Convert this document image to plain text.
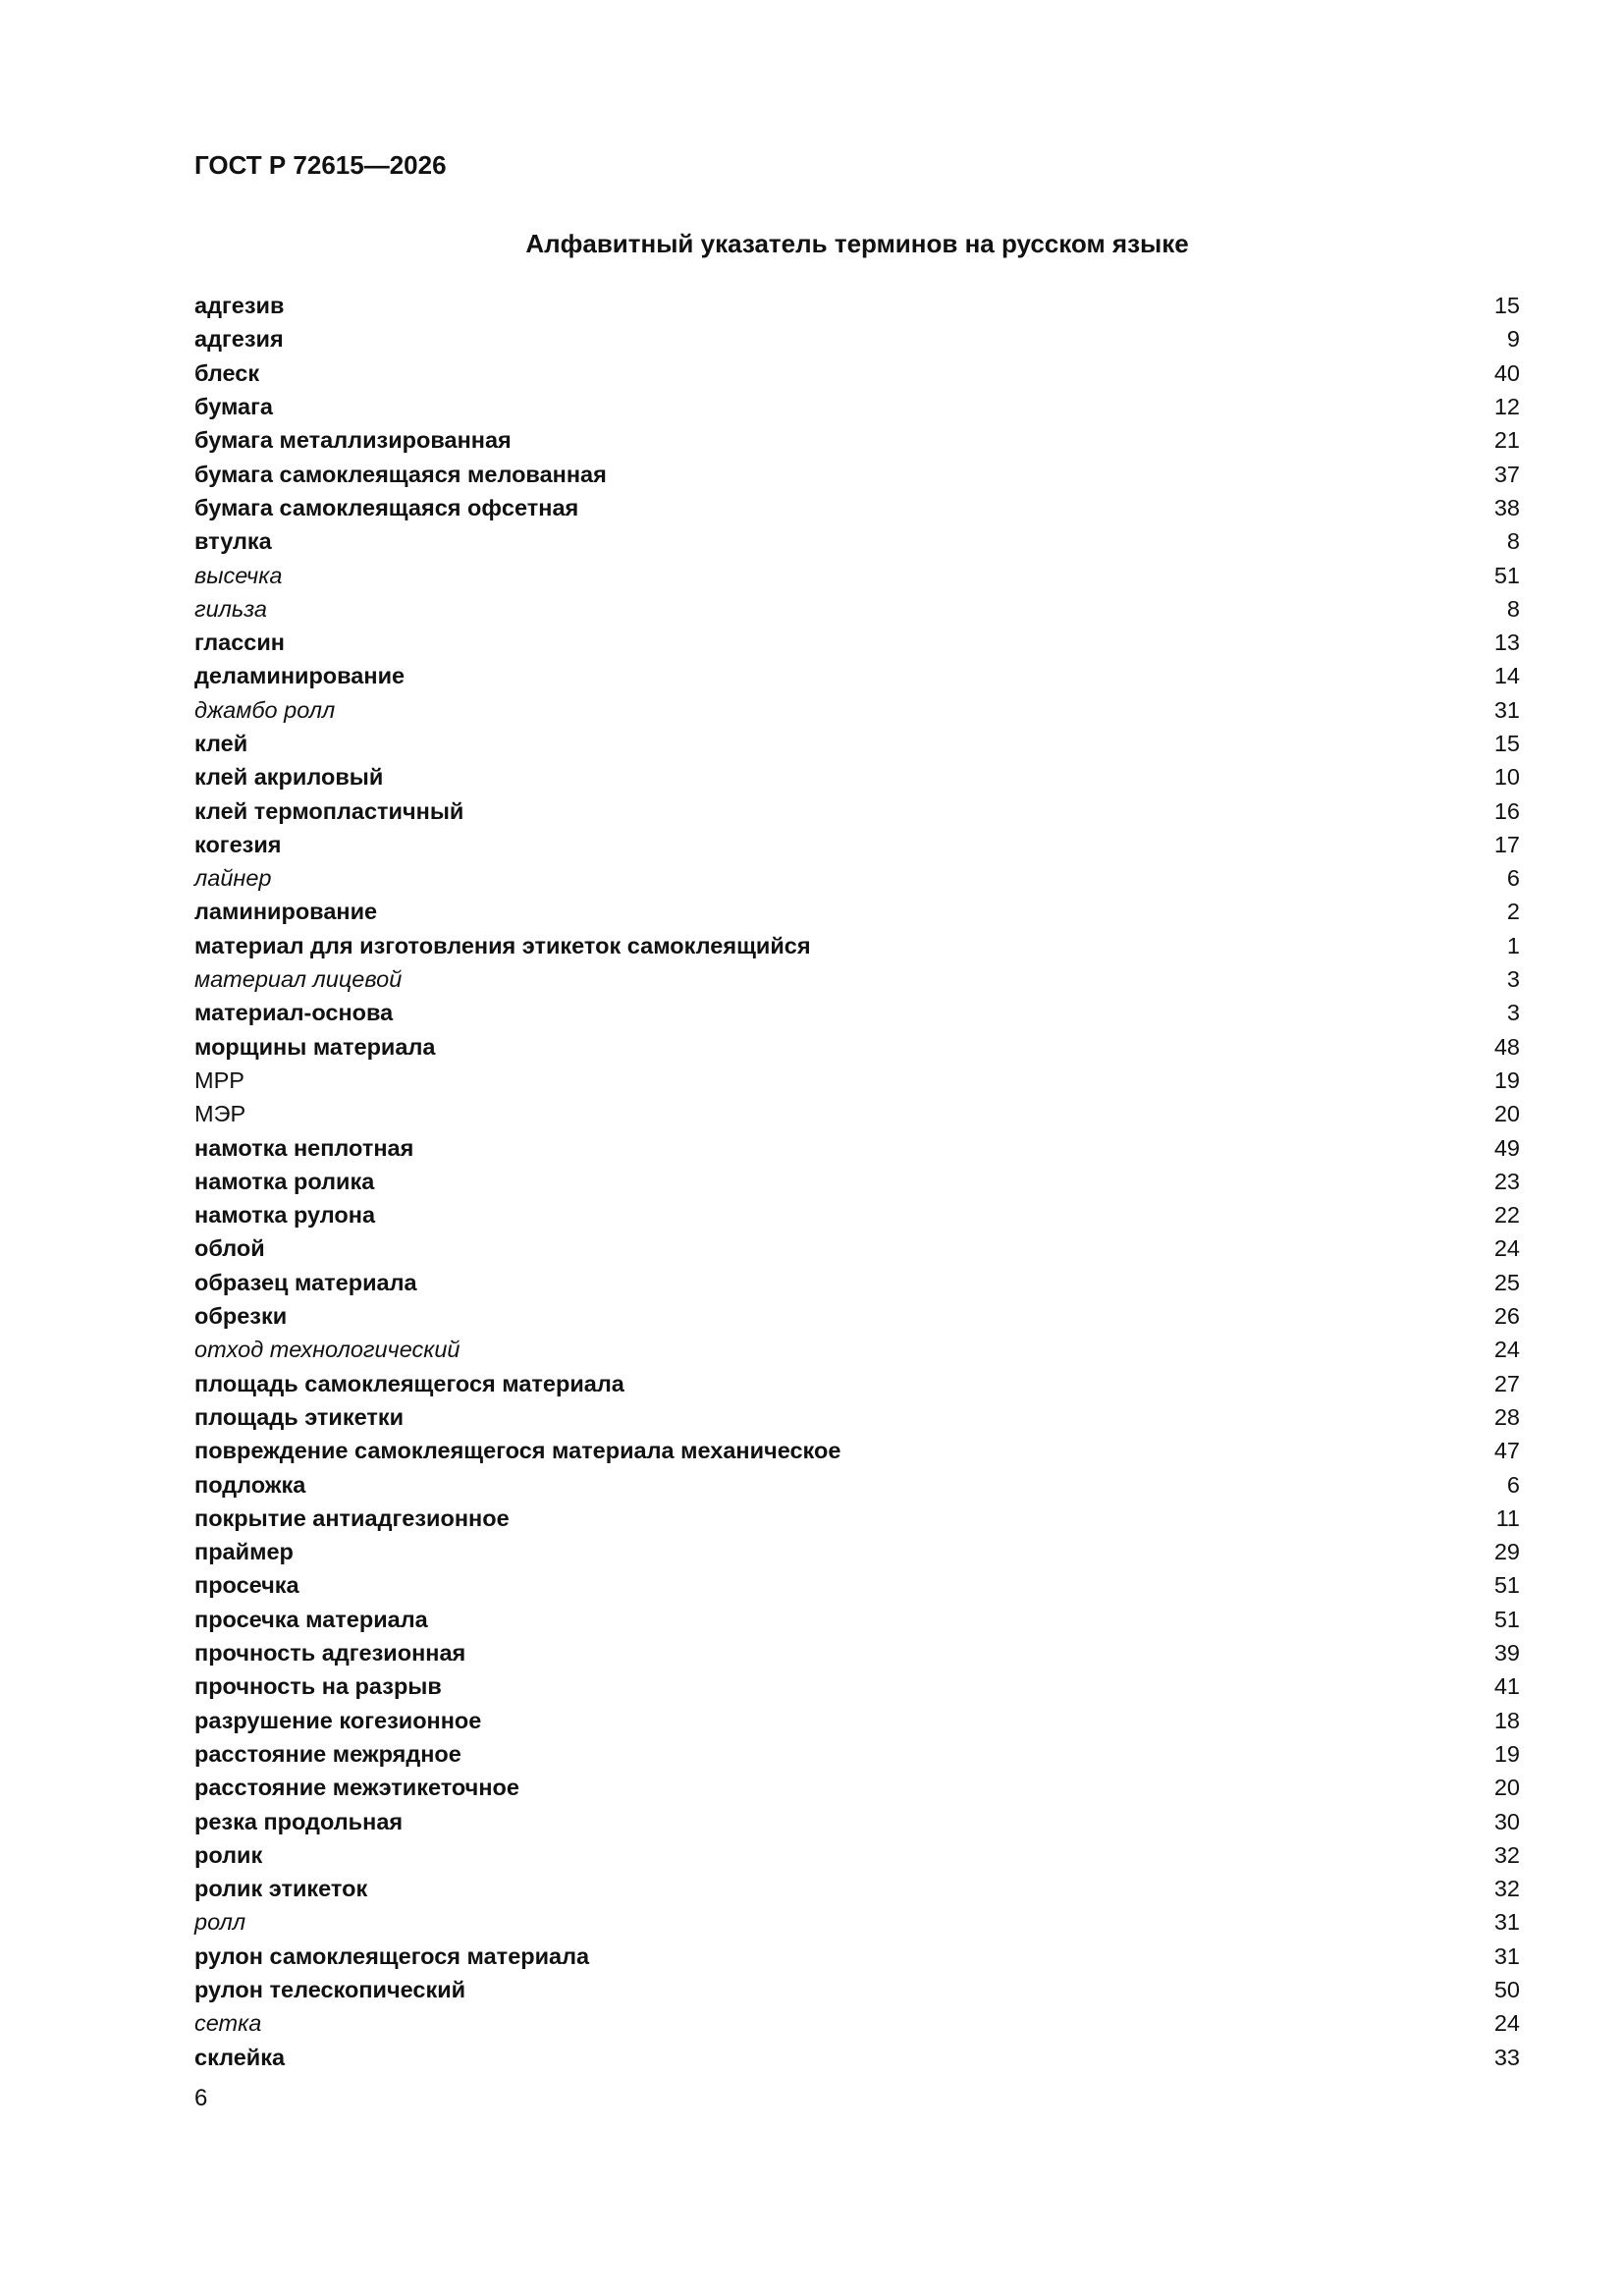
ГОСТ Р 72615—2026
Алфавитный указатель терминов на русском языке
адгезив	15
адгезия	9
блеск	40
бумага	12
бумага металлизированная	21
бумага самоклеящаяся мелованная	37
бумага самоклеящаяся офсетная	38
втулка	8
высечка	51
гильза	8
глассин	13
деламинирование	14
джамбо ролл	31
клей	15
клей акриловый	10
клей термопластичный	16
когезия	17
лайнер	6
ламинирование	2
материал для изготовления этикеток самоклеящийся	1
материал лицевой	3
материал-основа	3
морщины материала	48
МРР	19
МЭР	20
намотка неплотная	49
намотка ролика	23
намотка рулона	22
облой	24
образец материала	25
обрезки	26
отход технологический	24
площадь самоклеящегося материала	27
площадь этикетки	28
повреждение самоклеящегося материала механическое	47
подложка	6
покрытие антиадгезионное	11
праймер	29
просечка	51
просечка материала	51
прочность адгезионная	39
прочность на разрыв	41
разрушение когезионное	18
расстояние межрядное	19
расстояние межэтикеточное	20
резка продольная	30
ролик	32
ролик этикеток	32
ролл	31
рулон самоклеящегося материала	31
рулон телескопический	50
сетка	24
склейка	33
6
